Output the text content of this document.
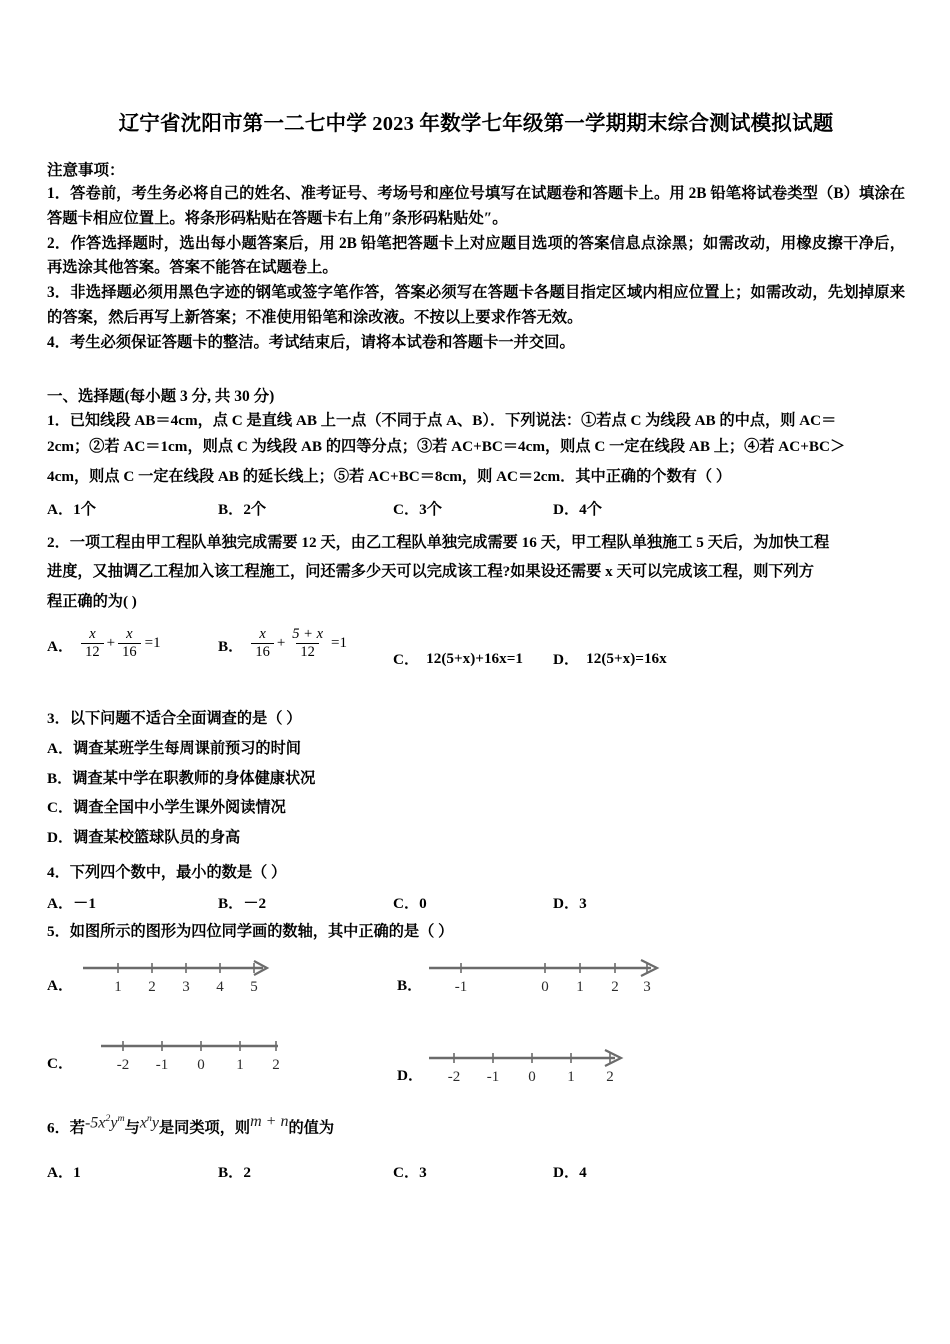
辽宁省沈阳市第一二七中学 2023 年数学七年级第一学期期末综合测试模拟试题
注意事项：
1．答卷前，考生务必将自己的姓名、准考证号、考场号和座位号填写在试题卷和答题卡上。用 2B 铅笔将试卷类型（B）填涂在答题卡相应位置上。将条形码粘贴在答题卡右上角″条形码粘贴处″。
2．作答选择题时，选出每小题答案后，用 2B 铅笔把答题卡上对应题目选项的答案信息点涂黑；如需改动，用橡皮擦干净后，再选涂其他答案。答案不能答在试题卷上。
3．非选择题必须用黑色字迹的钢笔或签字笔作答，答案必须写在答题卡各题目指定区域内相应位置上；如需改动，先划掉原来的答案，然后再写上新答案；不准使用铅笔和涂改液。不按以上要求作答无效。
4．考生必须保证答题卡的整洁。考试结束后，请将本试卷和答题卡一并交回。
一、选择题(每小题 3 分, 共 30 分)
1．已知线段 AB＝4cm，点 C 是直线 AB 上一点（不同于点 A、B）．下列说法：①若点 C 为线段 AB 的中点，则 AC＝
2cm；②若 AC＝1cm，则点 C 为线段 AB 的四等分点；③若 AC+BC＝4cm，则点 C 一定在线段 AB 上；④若 AC+BC＞
4cm，则点 C 一定在线段 AB 的延长线上；⑤若 AC+BC＝8cm，则 AC＝2cm．其中正确的个数有（ ）
A．1个	B．2个	C．3个	D．4个
2．一项工程由甲工程队单独完成需要 12 天，由乙工程队单独完成需要 16 天，甲工程队单独施工 5 天后，为加快工程
进度，又抽调乙工程加入该工程施工，问还需多少天可以完成该工程?如果设还需要 x 天可以完成该工程，则下列方
程正确的为( )
A． $\frac{x}{12} + \frac{x}{16} =1$	B． $\frac{x}{16} + \frac{5 + x}{12} =1$
C． 12(5+x)+16x=1 D． 12(5+x)=16x
3．以下问题不适合全面调查的是（ ）
A．调查某班学生每周课前预习的时间
B．调查某中学在职教师的身体健康状况
C．调查全国中小学生课外阅读情况
D．调查某校篮球队员的身高
4．下列四个数中，最小的数是（ ）
A．－1	B．－2	C．0	D．3
5．如图所示的图形为四位同学画的数轴，其中正确的是（ ）
A．	1 2 3 4 5	B． -1	0 1 2 3
C．	-2 -1 0 1 2
D． -2 -1 0 1 2
6．若$-5x^2y^m$与$x^ny$是同类项，则m + n的值为
A．1	B．2	C．3	D．4
